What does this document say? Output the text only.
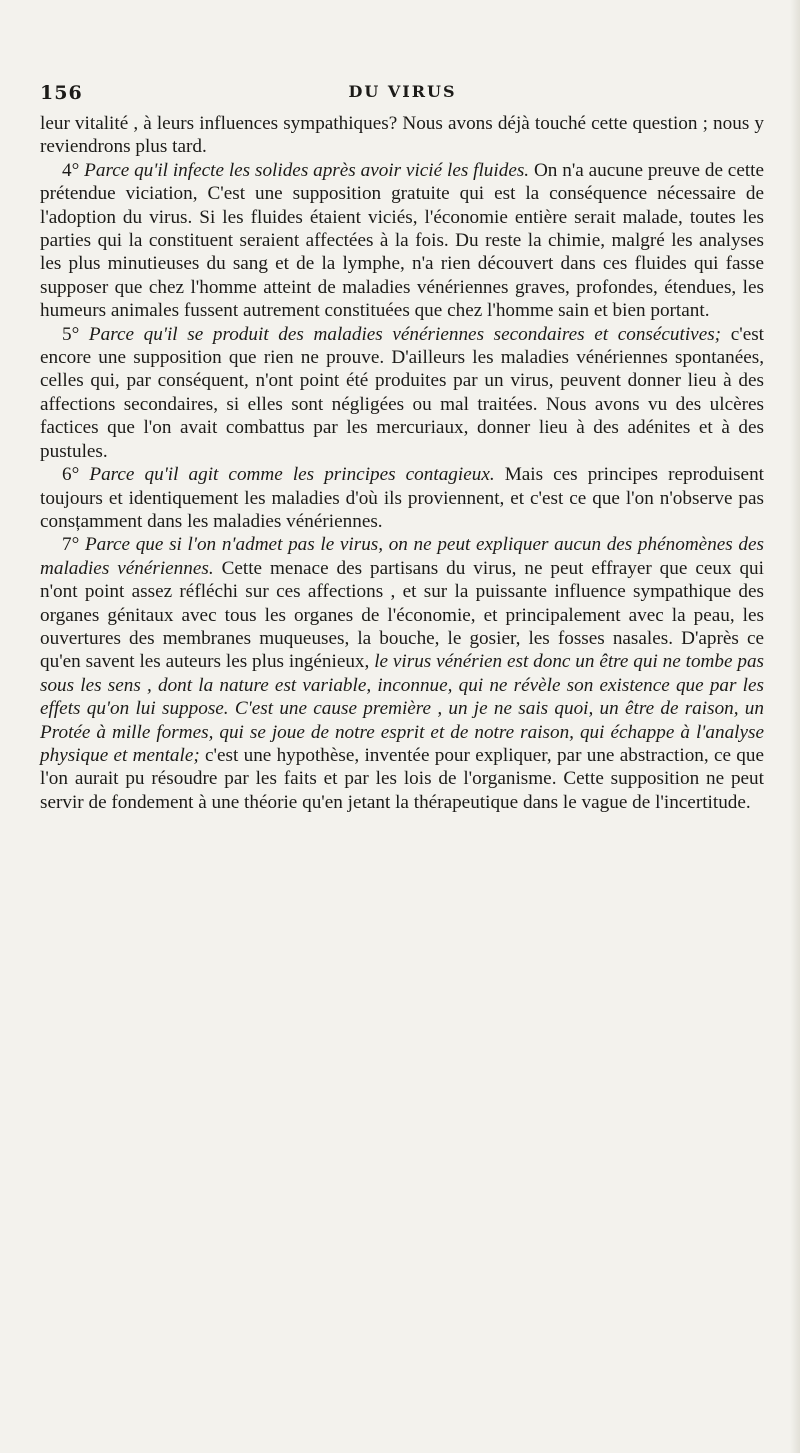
156	DU VIRUS

leur vitalité , à leurs influences sympathiques? Nous avons déjà touché cette question ; nous y reviendrons plus tard.

4° Parce qu'il infecte les solides après avoir vicié les fluides. On n'a aucune preuve de cette prétendue viciation, C'est une supposition gratuite qui est la conséquence nécessaire de l'adoption du virus. Si les fluides étaient viciés, l'économie entière serait malade, toutes les parties qui la constituent seraient affectées à la fois. Du reste la chimie, malgré les analyses les plus minutieuses du sang et de la lymphe, n'a rien découvert dans ces fluides qui fasse supposer que chez l'homme atteint de maladies vénériennes graves, profondes, étendues, les humeurs animales fussent autrement constituées que chez l'homme sain et bien portant.

5° Parce qu'il se produit des maladies vénériennes secondaires et consécutives; c'est encore une supposition que rien ne prouve. D'ailleurs les maladies vénériennes spontanées, celles qui, par conséquent, n'ont point été produites par un virus, peuvent donner lieu à des affections secondaires, si elles sont négligées ou mal traitées. Nous avons vu des ulcères factices que l'on avait combattus par les mercuriaux, donner lieu à des adénites et à des pustules.

6° Parce qu'il agit comme les principes contagieux. Mais ces principes reproduisent toujours et identiquement les maladies d'où ils proviennent, et c'est ce que l'on n'observe pas consțamment dans les maladies vénériennes.

7° Parce que si l'on n'admet pas le virus, on ne peut expliquer aucun des phénomènes des maladies vénériennes. Cette menace des partisans du virus, ne peut effrayer que ceux qui n'ont point assez réfléchi sur ces affections , et sur la puissante influence sympathique des organes génitaux avec tous les organes de l'économie, et principalement avec la peau, les ouvertures des membranes muqueuses, la bouche, le gosier, les fosses nasales. D'après ce qu'en savent les auteurs les plus ingénieux, le virus vénérien est donc un être qui ne tombe pas sous les sens , dont la nature est variable, inconnue, qui ne révèle son existence que par les effets qu'on lui suppose. C'est une cause première , un je ne sais quoi, un être de raison, un Protée à mille formes, qui se joue de notre esprit et de notre raison, qui échappe à l'analyse physique et mentale; c'est une hypothèse, inventée pour expliquer, par une abstraction, ce que l'on aurait pu résoudre par les faits et par les lois de l'organisme. Cette supposition ne peut servir de fondement à une théorie qu'en jetant la thérapeutique dans le vague de l'incertitude.
